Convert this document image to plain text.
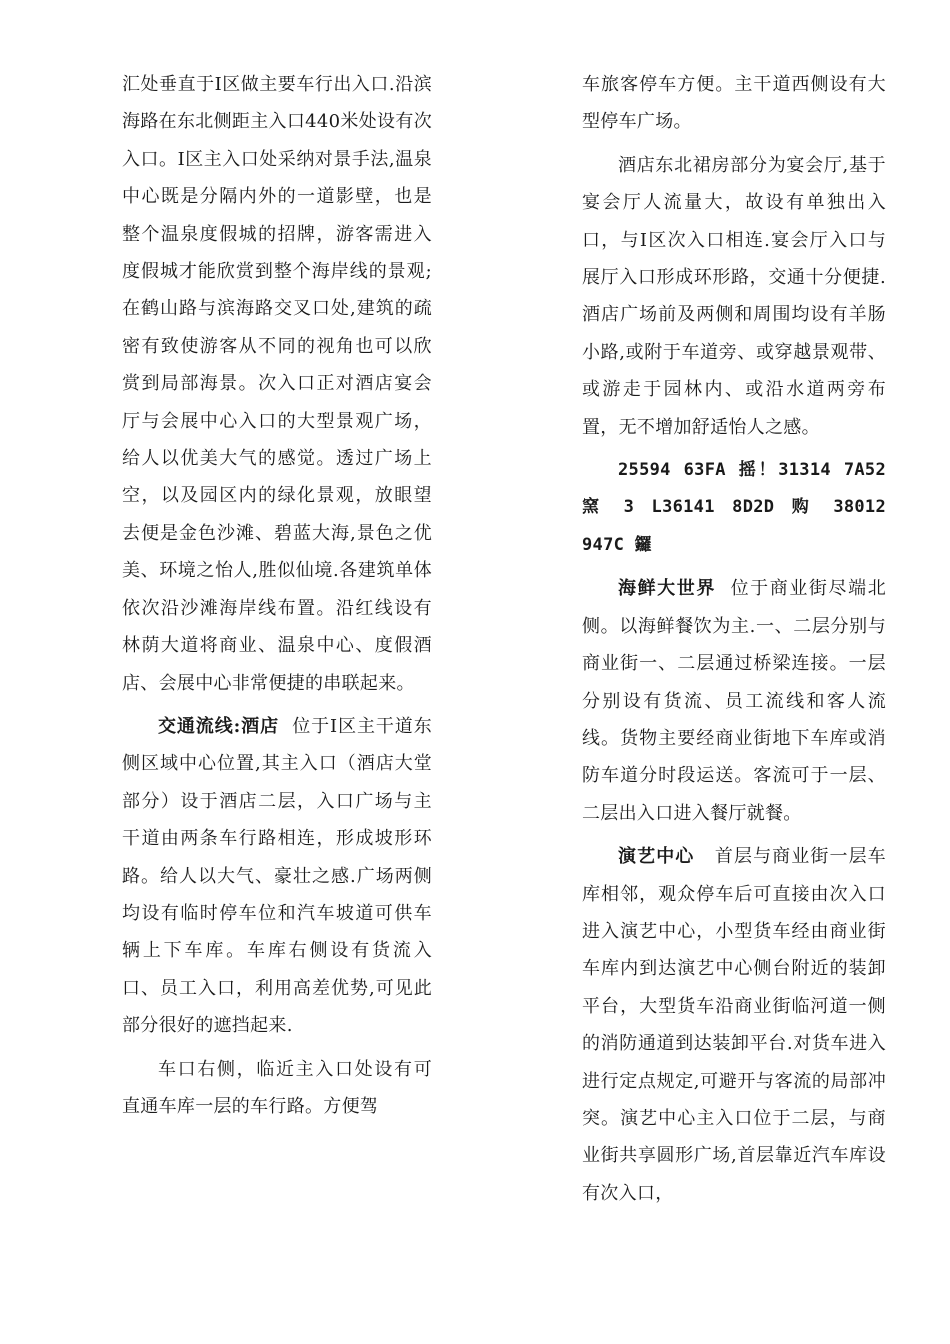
汇处垂直于Ⅰ区做主要车行出入口.沿滨海路在东北侧距主入口440米处设有次入口。Ⅰ区主入口处采纳对景手法,温泉中心既是分隔内外的一道影壁，也是整个温泉度假城的招牌，游客需进入度假城才能欣赏到整个海岸线的景观;在鹤山路与滨海路交叉口处,建筑的疏密有致使游客从不同的视角也可以欣赏到局部海景。次入口正对酒店宴会厅与会展中心入口的大型景观广场，给人以优美大气的感觉。透过广场上空，以及园区内的绿化景观，放眼望去便是金色沙滩、碧蓝大海,景色之优美、环境之怡人,胜似仙境.各建筑单体依次沿沙滩海岸线布置。沿红线设有林荫大道将商业、温泉中心、度假酒店、会展中心非常便捷的串联起来。

交通流线:酒店 位于Ⅰ区主干道东侧区域中心位置,其主入口（酒店大堂部分）设于酒店二层，入口广场与主干道由两条车行路相连，形成坡形环路。给人以大气、豪壮之感.广场两侧均设有临时停车位和汽车坡道可供车辆上下车库。车库右侧设有货流入口、员工入口，利用高差优势,可见此部分很好的遮挡起来.

车口右侧，临近主入口处设有可直通车库一层的车行路。方便驾

车旅客停车方便。主干道西侧设有大型停车广场。

酒店东北裙房部分为宴会厅,基于宴会厅人流量大，故设有单独出入口，与Ⅰ区次入口相连.宴会厅入口与展厅入口形成环形路，交通十分便捷.酒店广场前及两侧和周围均设有羊肠小路,或附于车道旁、或穿越景观带、或游走于园林内、或沿水道两旁布置，无不增加舒适怡人之感。

25594 63FA 摇！31314 7A52 窯 3 L36141 8D2D 购 38012 947C 鑼

海鲜大世界 位于商业街尽端北侧。以海鲜餐饮为主.一、二层分别与商业街一、二层通过桥梁连接。一层分别设有货流、员工流线和客人流线。货物主要经商业街地下车库或消防车道分时段运送。客流可于一层、二层出入口进入餐厅就餐。

演艺中心 首层与商业街一层车库相邻，观众停车后可直接由次入口进入演艺中心，小型货车经由商业街车库内到达演艺中心侧台附近的装卸平台，大型货车沿商业街临河道一侧的消防通道到达装卸平台.对货车进入进行定点规定,可避开与客流的局部冲突。演艺中心主入口位于二层，与商业街共享圆形广场,首层靠近汽车库设有次入口，
